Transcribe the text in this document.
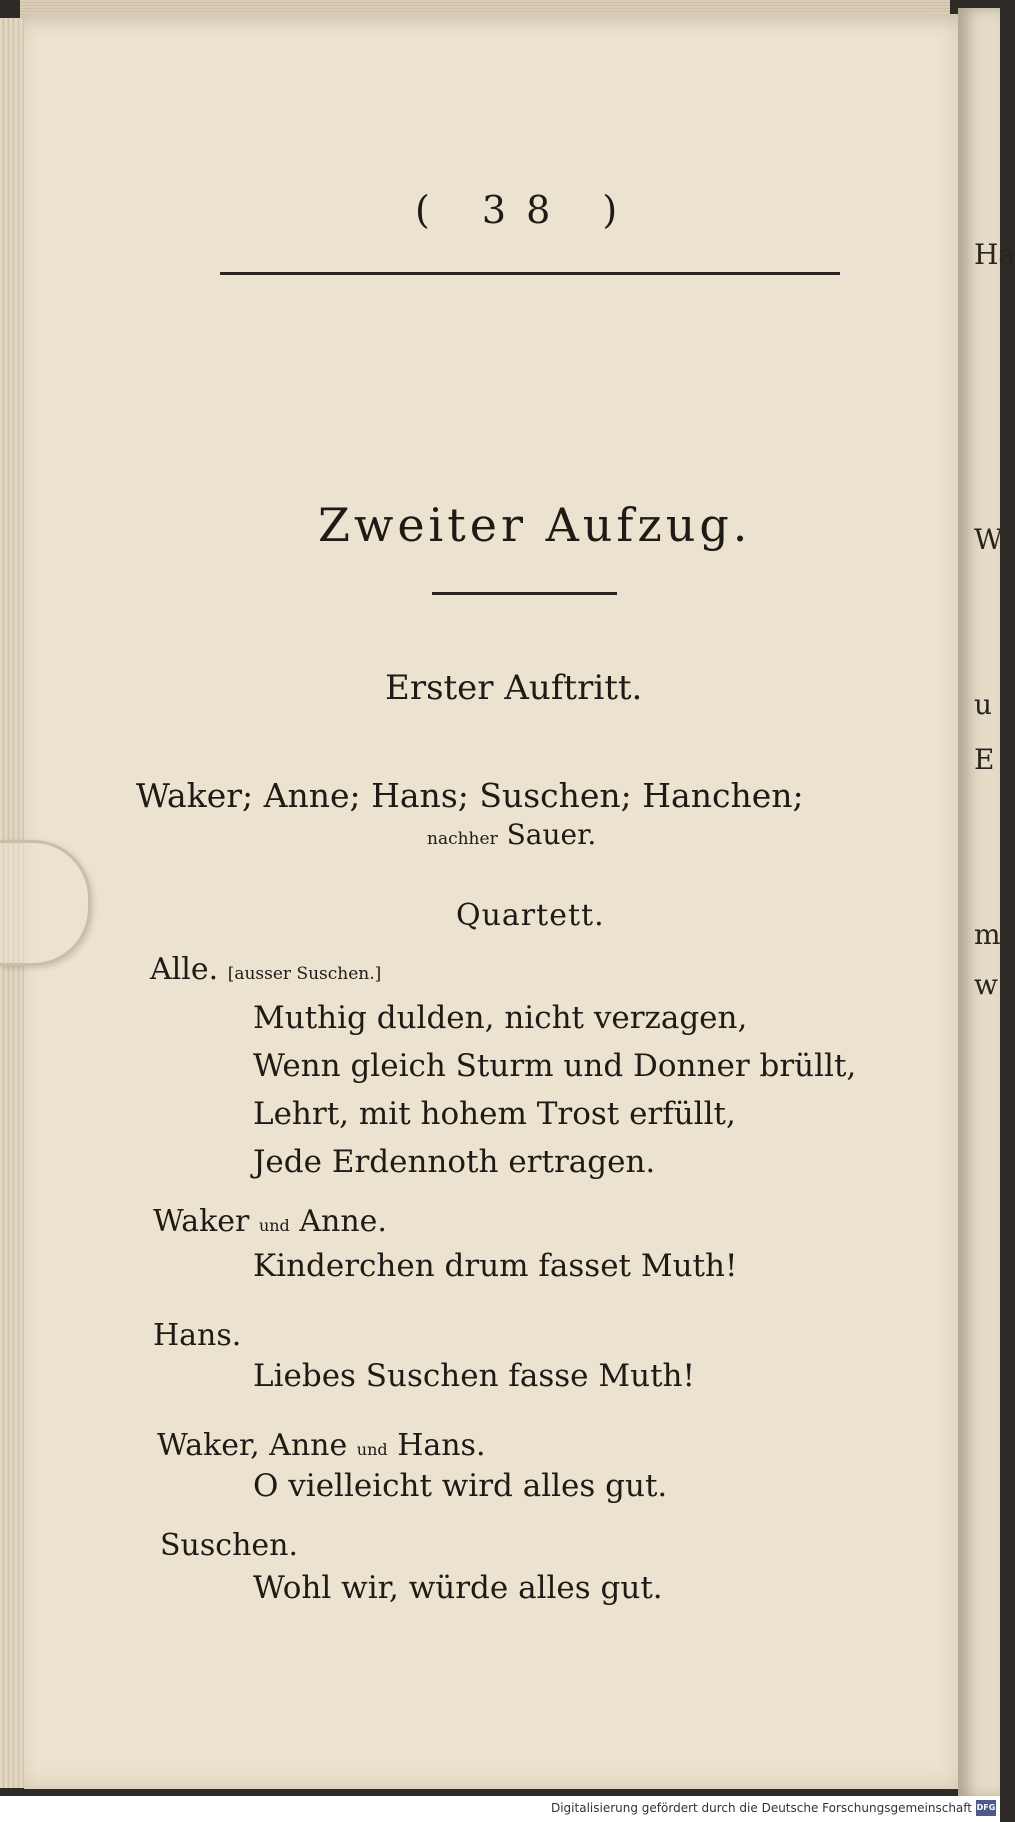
Ha
W
u
E
m
w
( 38 )
Zweiter Aufzug.
Erster Auftritt.
Waker; Anne; Hans; Suschen; Hanchen;
nachher Sauer.
Quartett.
Alle. [ausser Suschen.]
Muthig dulden, nicht verzagen,
Wenn gleich Sturm und Donner brüllt,
Lehrt, mit hohem Trost erfüllt,
Jede Erdennoth ertragen.
Waker und Anne.
Kinderchen drum fasset Muth!
Hans.
Liebes Suschen fasse Muth!
Waker, Anne und Hans.
O vielleicht wird alles gut.
Suschen.
Wohl wir, würde alles gut.
Digitalisierung gefördert durch die Deutsche Forschungsgemeinschaft DFG
